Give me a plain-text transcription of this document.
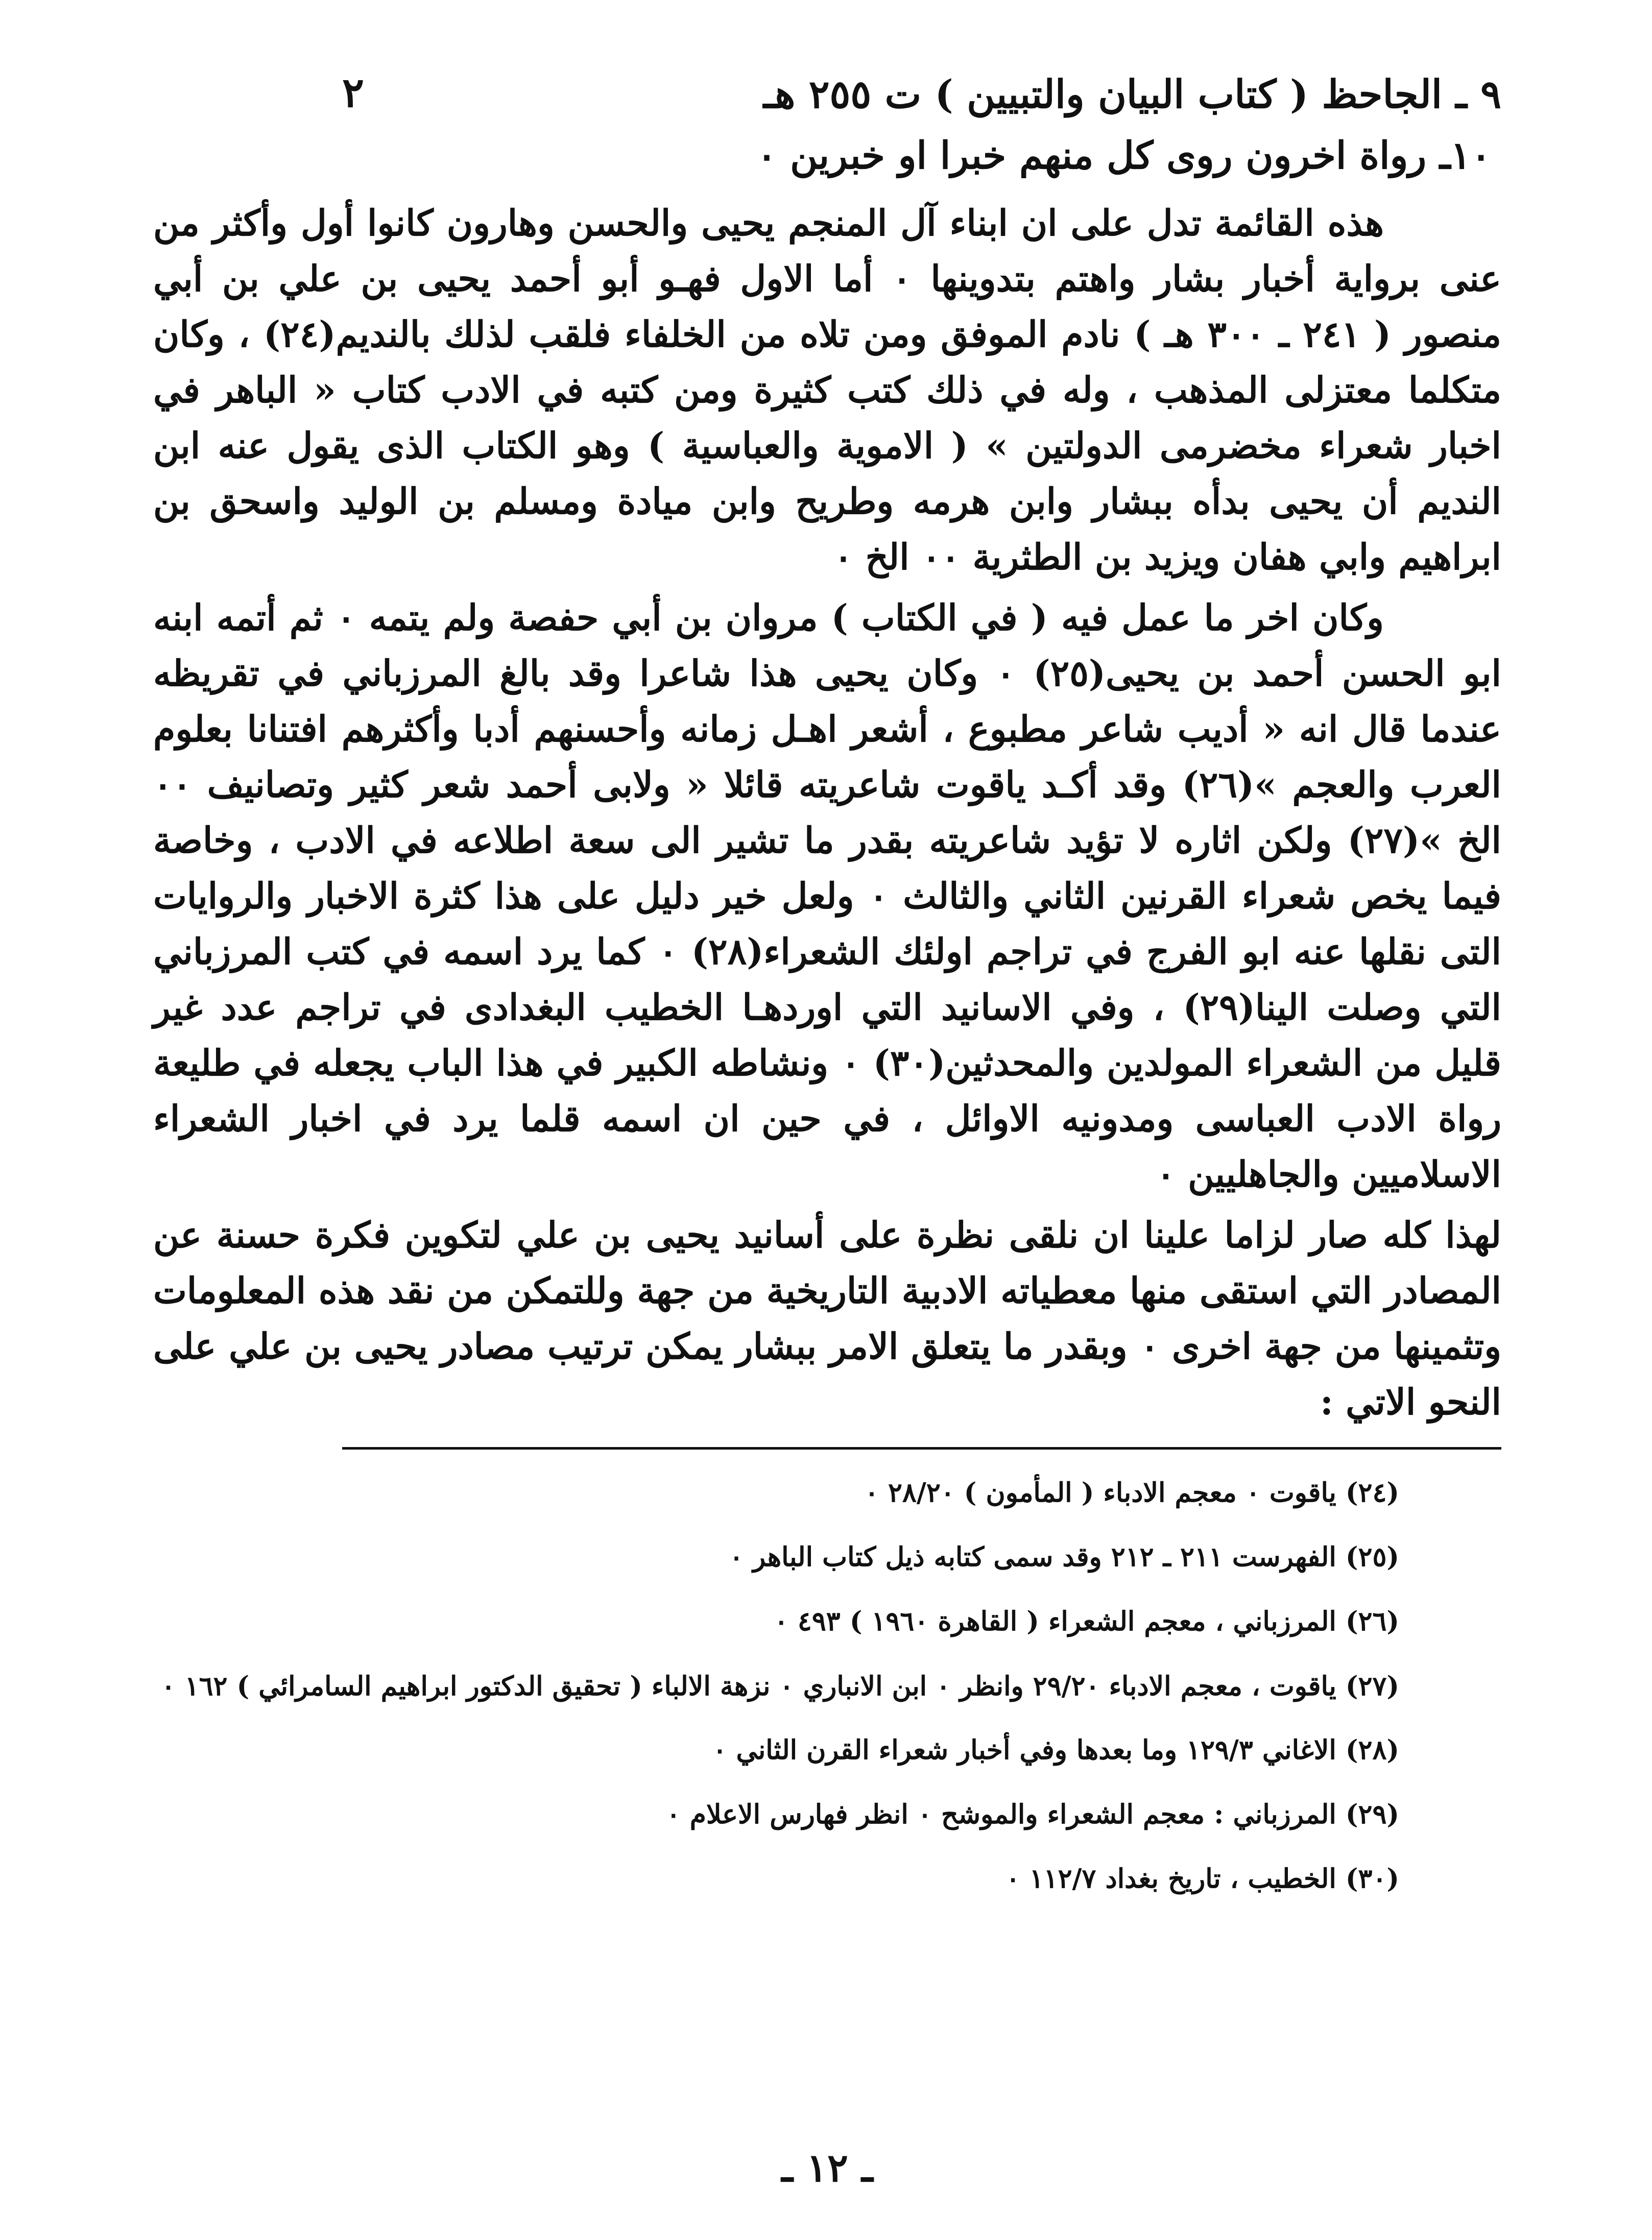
٩ ـ الجاحظ ( كتاب البيان والتبيين ) ت ٢٥٥ هـ
٢
١٠ـ رواة اخرون روى كل منهم خبرا او خبرين ٠

هذه القائمة تدل على ان ابناء آل المنجم يحيى والحسن وهارون كانوا أول وأكثر من عنى برواية أخبار بشار واهتم بتدوينها ٠ أما الاول فهـو أبو أحمد يحيى بن علي بن أبي منصور ( ٢٤١ ـ ٣٠٠ هـ ) نادم الموفق ومن تلاه من الخلفاء فلقب لذلك بالنديم(٢٤) ، وكان متكلما معتزلى المذهب ، وله في ذلك كتب كثيرة ومن كتبه في الادب كتاب « الباهر في اخبار شعراء مخضرمى الدولتين » ( الاموية والعباسية ) وهو الكتاب الذى يقول عنه ابن النديم أن يحيى بدأه ببشار وابن هرمه وطريح وابن ميادة ومسلم بن الوليد واسحق بن ابراهيم وابي هفان ويزيد بن الطثرية ٠٠ الخ ٠

وكان اخر ما عمل فيه ( في الكتاب ) مروان بن أبي حفصة ولم يتمه ٠ ثم أتمه ابنه ابو الحسن أحمد بن يحيى(٢٥) ٠ وكان يحيى هذا شاعرا وقد بالغ المرزباني في تقريظه عندما قال انه « أديب شاعر مطبوع ، أشعر اهـل زمانه وأحسنهم أدبا وأكثرهم افتنانا بعلوم العرب والعجم »(٢٦) وقد أكـد ياقوت شاعريته قائلا « ولابى أحمد شعر كثير وتصانيف ٠٠ الخ »(٢٧) ولكن اثاره لا تؤيد شاعريته بقدر ما تشير الى سعة اطلاعه في الادب ، وخاصة فيما يخص شعراء القرنين الثاني والثالث ٠ ولعل خير دليل على هذا كثرة الاخبار والروايات التى نقلها عنه ابو الفرج في تراجم اولئك الشعراء(٢٨) ٠ كما يرد اسمه في كتب المرزباني التي وصلت الينا(٢٩) ، وفي الاسانيد التي اوردهـا الخطيب البغدادى في تراجم عدد غير قليل من الشعراء المولدين والمحدثين(٣٠) ٠ ونشاطه الكبير في هذا الباب يجعله في طليعة رواة الادب العباسى ومدونيه الاوائل ، في حين ان اسمه قلما يرد في اخبار الشعراء الاسلاميين والجاهليين ٠

لهذا كله صار لزاما علينا ان نلقى نظرة على أسانيد يحيى بن علي لتكوين فكرة حسنة عن المصادر التي استقى منها معطياته الادبية التاريخية من جهة وللتمكن من نقد هذه المعلومات وتثمينها من جهة اخرى ٠ وبقدر ما يتعلق الامر ببشار يمكن ترتيب مصادر يحيى بن علي على النحو الاتي :

(٢٤) ياقوت ٠ معجم الادباء ( المأمون ) ٢٨/٢٠ ٠

(٢٥) الفهرست ٢١١ ـ ٢١٢ وقد سمى كتابه ذيل كتاب الباهر ٠

(٢٦) المرزباني ، معجم الشعراء ( القاهرة ١٩٦٠ ) ٤٩٣ ٠

(٢٧) ياقوت ، معجم الادباء ٢٩/٢٠ وانظر ٠ ابن الانباري ٠ نزهة الالباء ( تحقيق الدكتور ابراهيم السامرائي ) ١٦٢ ٠

(٢٨) الاغاني ١٢٩/٣ وما بعدها وفي أخبار شعراء القرن الثاني ٠

(٢٩) المرزباني : معجم الشعراء والموشح ٠ انظر فهارس الاعلام ٠

(٣٠) الخطيب ، تاريخ بغداد ١١٢/٧ ٠

ـ ١٢ ـ
